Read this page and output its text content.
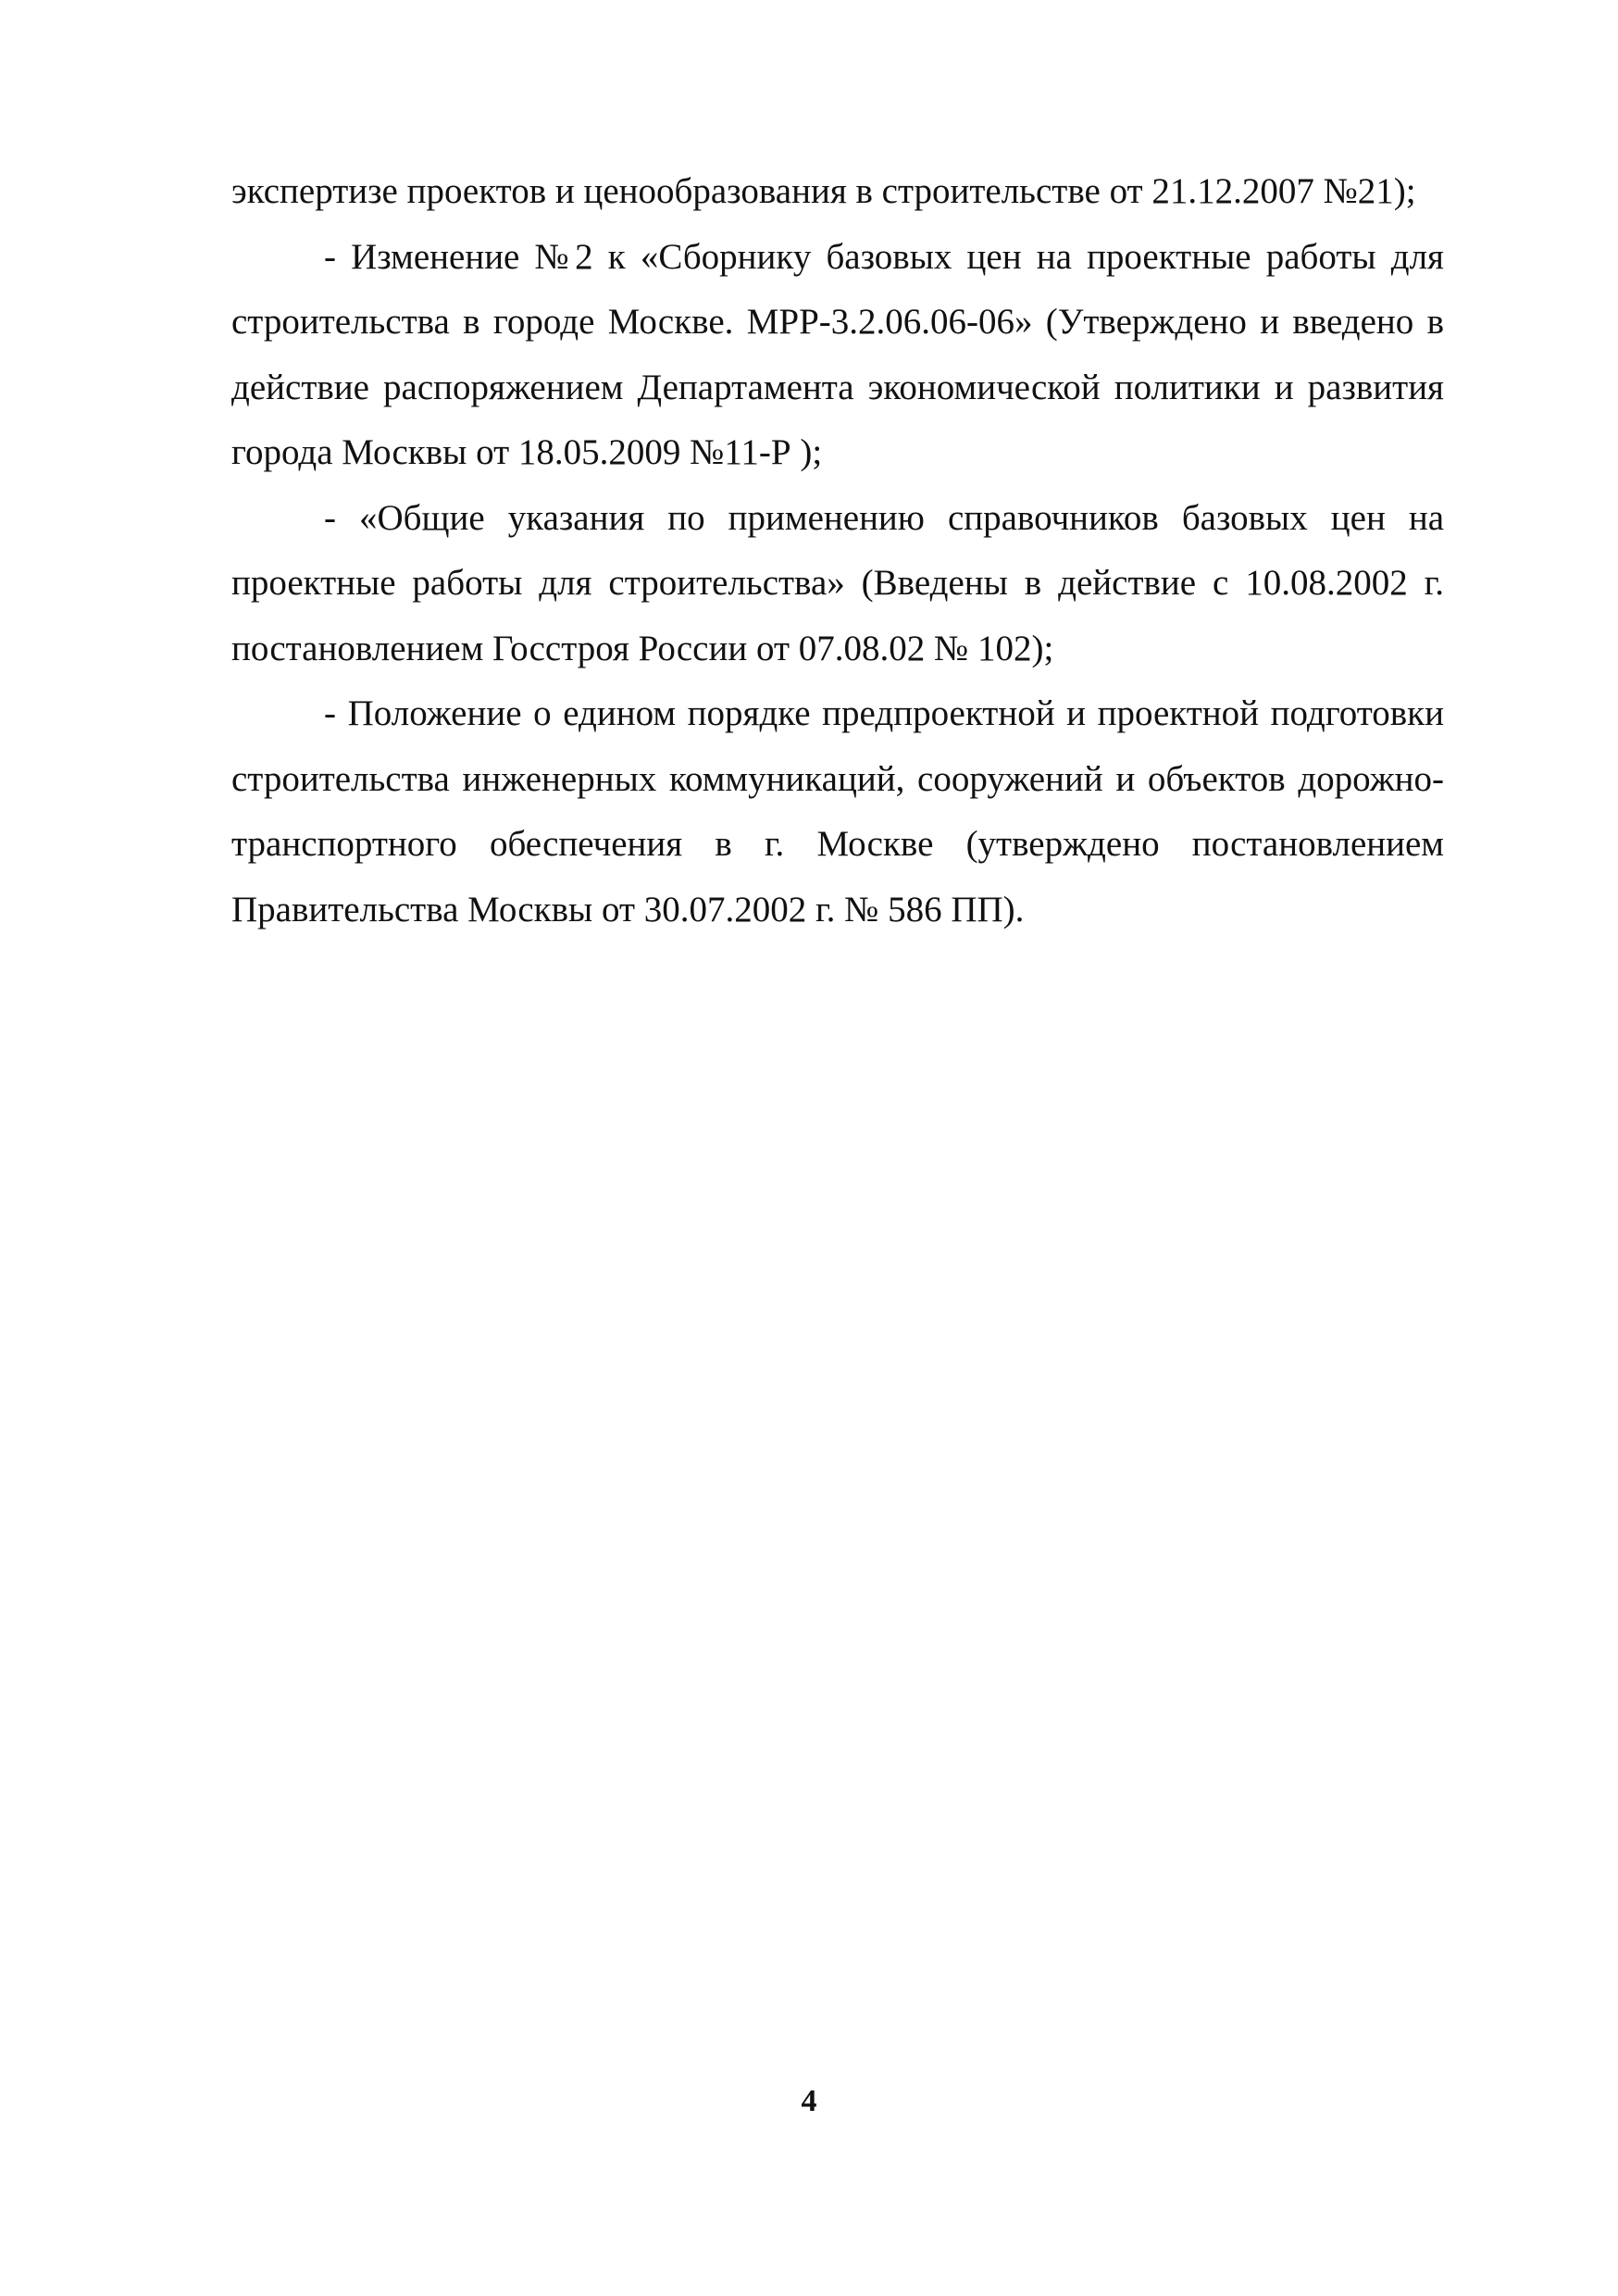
экспертизе проектов и ценообразования в строительстве от 21.12.2007 №21);

- Изменение №2 к «Сборнику базовых цен на проектные работы для строительства в городе Москве. МРР-3.2.06.06-06» (Утверждено и введено в действие распоряжением Департамента экономической политики и развития города Москвы от 18.05.2009 №11-Р );

- «Общие указания по применению справочников базовых цен на проектные работы для строительства» (Введены в действие с 10.08.2002 г. постановлением Госстроя России от 07.08.02 № 102);

- Положение о едином порядке предпроектной и проектной подготовки строительства инженерных коммуникаций, сооружений и объектов дорожно-транспортного обеспечения в г. Москве (утверждено постановлением Правительства Москвы от 30.07.2002 г. № 586 ПП).

4
